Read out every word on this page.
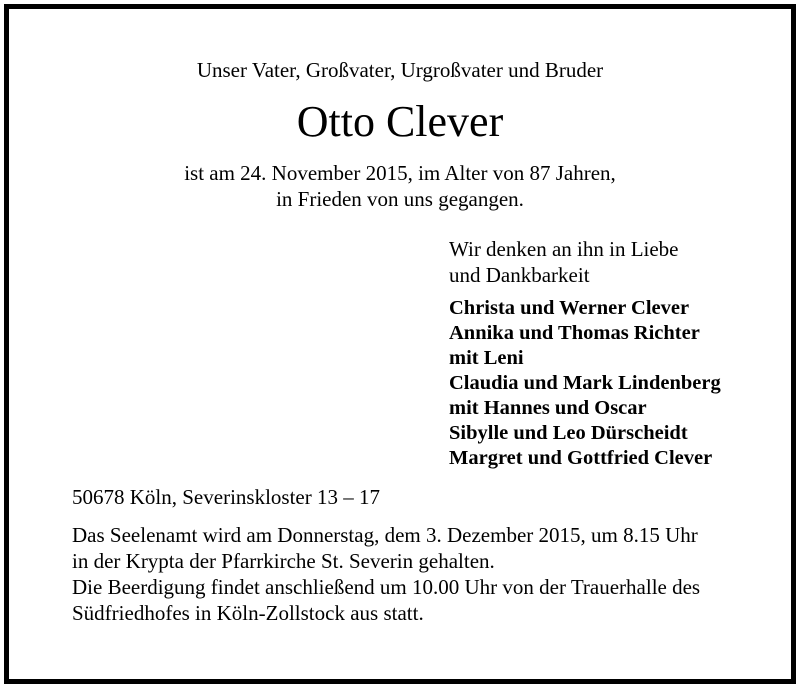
Unser Vater, Großvater, Urgroßvater und Bruder
Otto Clever
ist am 24. November 2015, im Alter von 87 Jahren,
in Frieden von uns gegangen.
Wir denken an ihn in Liebe
und Dankbarkeit
Christa und Werner Clever
Annika und Thomas Richter
mit Leni
Claudia und Mark Lindenberg
mit Hannes und Oscar
Sibylle und Leo Dürscheidt
Margret und Gottfried Clever
50678 Köln, Severinskloster 13 – 17
Das Seelenamt wird am Donnerstag, dem 3. Dezember 2015, um 8.15 Uhr
in der Krypta der Pfarrkirche St. Severin gehalten.
Die Beerdigung findet anschließend um 10.00 Uhr von der Trauerhalle des
Südfriedhofes in Köln-Zollstock aus statt.
